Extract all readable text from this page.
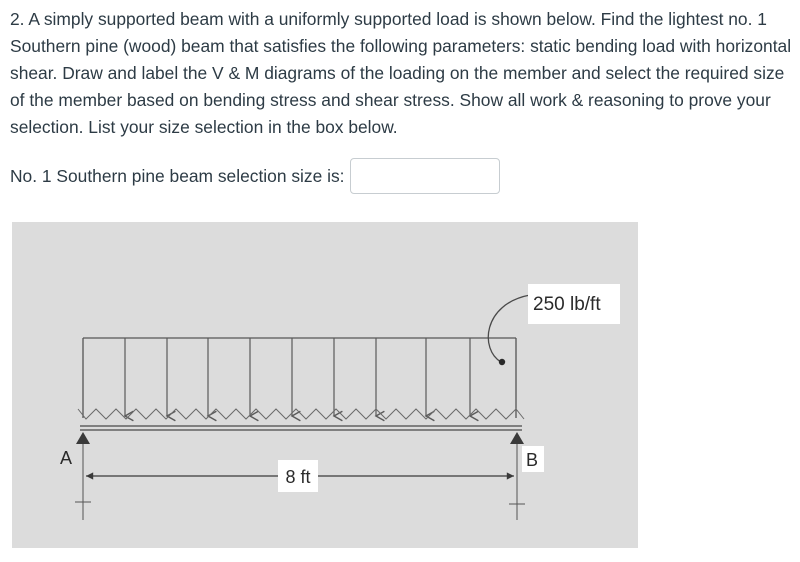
2. A simply supported beam with a uniformly supported load is shown below. Find the lightest no. 1 Southern pine (wood) beam that satisfies the following parameters: static bending load with horizontal shear. Draw and label the V & M diagrams of the loading on the member and select the required size of the member based on bending stress and shear stress. Show all work & reasoning to prove your selection. List your size selection in the box below.

No. 1 Southern pine beam selection size is:
8 ft
A	B
250 lb/ft
